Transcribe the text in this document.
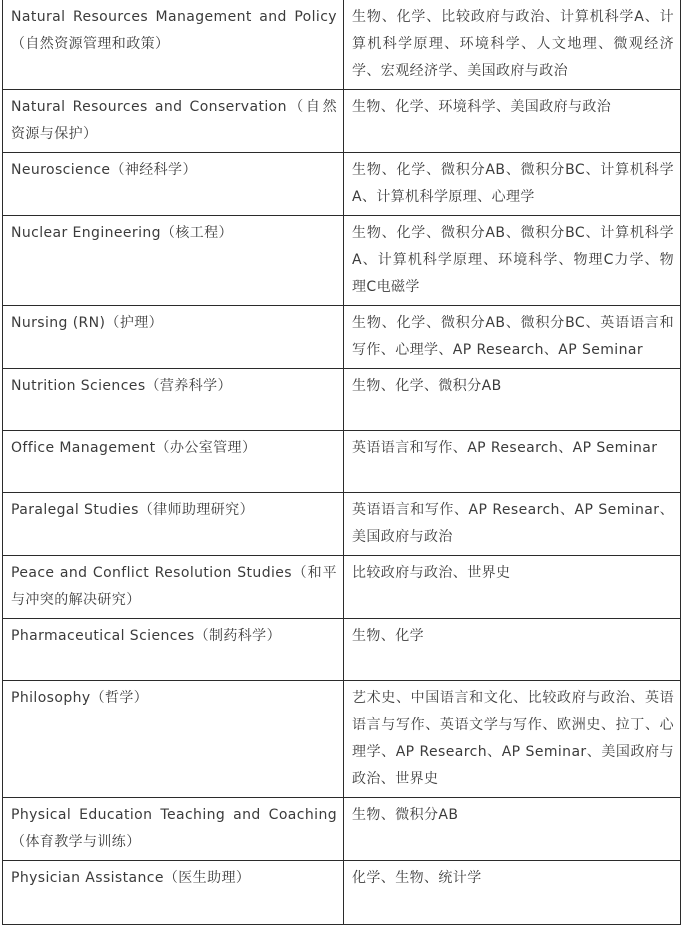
Natural Resources Management and Policy（自然资源管理和政策）	生物、化学、比较政府与政治、计算机科学A、计算机科学原理、环境科学、人文地理、微观经济学、宏观经济学、美国政府与政治
Natural Resources and Conservation（自然资源与保护）	生物、化学、环境科学、美国政府与政治
Neuroscience（神经科学）	生物、化学、微积分AB、微积分BC、计算机科学A、计算机科学原理、心理学
Nuclear Engineering（核工程）	生物、化学、微积分AB、微积分BC、计算机科学A、计算机科学原理、环境科学、物理C力学、物理C电磁学
Nursing (RN)（护理）	生物、化学、微积分AB、微积分BC、英语语言和写作、心理学、AP Research、AP Seminar
Nutrition Sciences（营养科学）	生物、化学、微积分AB
Office Management（办公室管理）	英语语言和写作、AP Research、AP Seminar
Paralegal Studies（律师助理研究）	英语语言和写作、AP Research、AP Seminar、美国政府与政治
Peace and Conflict Resolution Studies（和平与冲突的解决研究）	比较政府与政治、世界史
Pharmaceutical Sciences（制药科学）	生物、化学
Philosophy（哲学）	艺术史、中国语言和文化、比较政府与政治、英语语言与写作、英语文学与写作、欧洲史、拉丁、心理学、AP Research、AP Seminar、美国政府与政治、世界史
Physical Education Teaching and Coaching（体育教学与训练）	生物、微积分AB
Physician Assistance（医生助理）	化学、生物、统计学
